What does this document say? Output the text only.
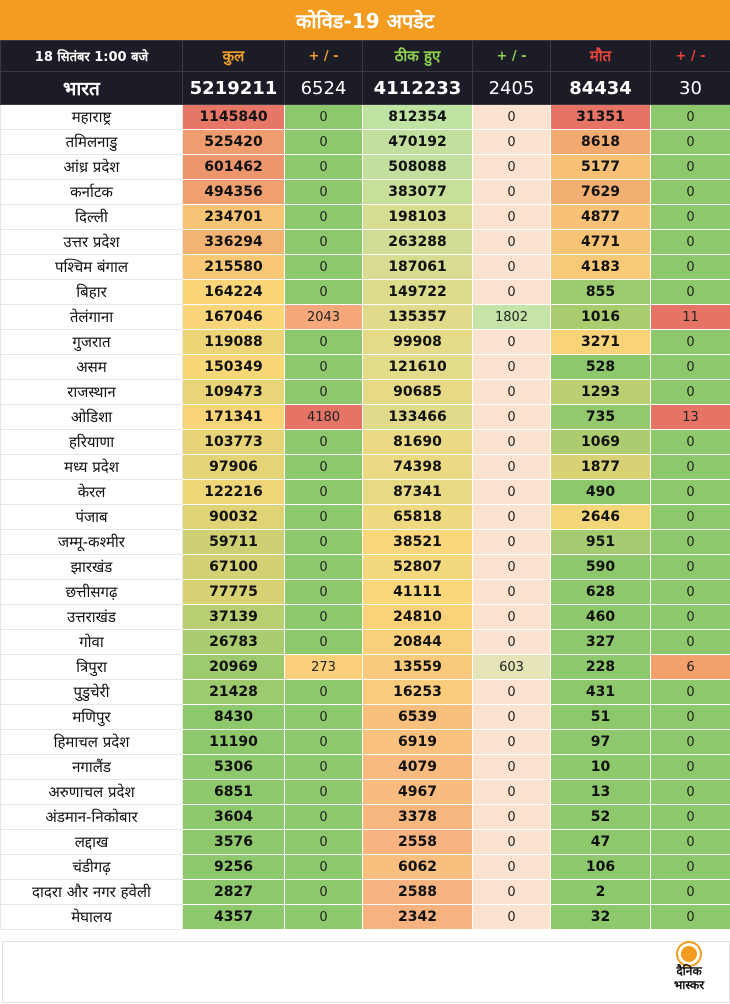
कोविड-19 अपडेट
18 सितंबर 1:00 बजे	कुल	+ / -	ठीक हुए	+ / -	मौत	+ / -
भारत	5219211	6524	4112233	2405	84434	30
महाराष्ट्र	1145840	0	812354	0	31351	0
तमिलनाडु	525420	0	470192	0	8618	0
आंध्र प्रदेश	601462	0	508088	0	5177	0
कर्नाटक	494356	0	383077	0	7629	0
दिल्ली	234701	0	198103	0	4877	0
उत्तर प्रदेश	336294	0	263288	0	4771	0
पश्चिम बंगाल	215580	0	187061	0	4183	0
बिहार	164224	0	149722	0	855	0
तेलंगाना	167046	2043	135357	1802	1016	11
गुजरात	119088	0	99908	0	3271	0
असम	150349	0	121610	0	528	0
राजस्थान	109473	0	90685	0	1293	0
ओडिशा	171341	4180	133466	0	735	13
हरियाणा	103773	0	81690	0	1069	0
मध्य प्रदेश	97906	0	74398	0	1877	0
केरल	122216	0	87341	0	490	0
पंजाब	90032	0	65818	0	2646	0
जम्मू-कश्मीर	59711	0	38521	0	951	0
झारखंड	67100	0	52807	0	590	0
छत्तीसगढ़	77775	0	41111	0	628	0
उत्तराखंड	37139	0	24810	0	460	0
गोवा	26783	0	20844	0	327	0
त्रिपुरा	20969	273	13559	603	228	6
पुडुचेरी	21428	0	16253	0	431	0
मणिपुर	8430	0	6539	0	51	0
हिमाचल प्रदेश	11190	0	6919	0	97	0
नगालैंड	5306	0	4079	0	10	0
अरुणाचल प्रदेश	6851	0	4967	0	13	0
अंडमान-निकोबार	3604	0	3378	0	52	0
लद्दाख	3576	0	2558	0	47	0
चंडीगढ़	9256	0	6062	0	106	0
दादरा और नगर हवेली	2827	0	2588	0	2	0
मेघालय	4357	0	2342	0	32	0
दैनिक
भास्कर
